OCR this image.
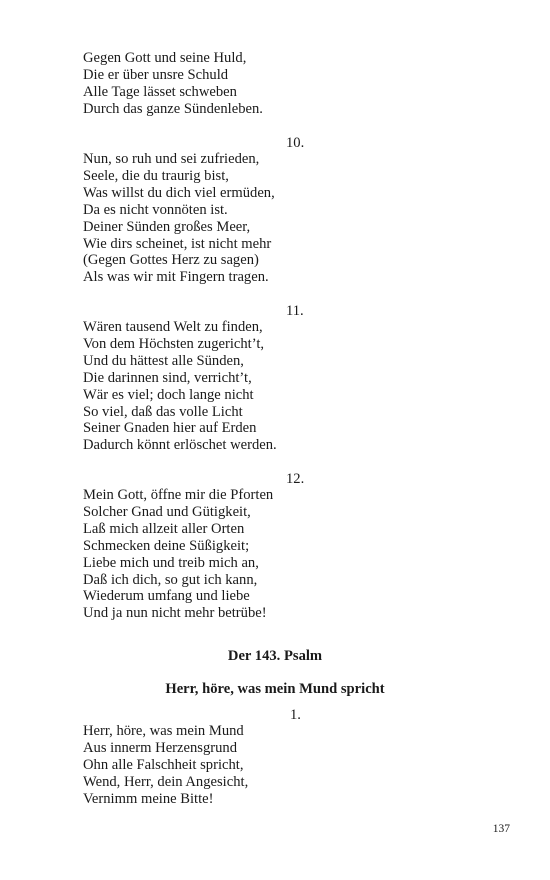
Gegen Gott und seine Huld,
Die er über unsre Schuld
Alle Tage lässet schweben
Durch das ganze Sündenleben.
10.
Nun, so ruh und sei zufrieden,
Seele, die du traurig bist,
Was willst du dich viel ermüden,
Da es nicht vonnöten ist.
Deiner Sünden großes Meer,
Wie dirs scheinet, ist nicht mehr
(Gegen Gottes Herz zu sagen)
Als was wir mit Fingern tragen.
11.
Wären tausend Welt zu finden,
Von dem Höchsten zugericht’t,
Und du hättest alle Sünden,
Die darinnen sind, verricht’t,
Wär es viel; doch lange nicht
So viel, daß das volle Licht
Seiner Gnaden hier auf Erden
Dadurch könnt erlöschet werden.
12.
Mein Gott, öffne mir die Pforten
Solcher Gnad und Gütigkeit,
Laß mich allzeit aller Orten
Schmecken deine Süßigkeit;
Liebe mich und treib mich an,
Daß ich dich, so gut ich kann,
Wiederum umfang und liebe
Und ja nun nicht mehr betrübe!
Der 143. Psalm
Herr, höre, was mein Mund spricht
1.
Herr, höre, was mein Mund
Aus innerm Herzensgrund
Ohn alle Falschheit spricht,
Wend, Herr, dein Angesicht,
Vernimm meine Bitte!
137
